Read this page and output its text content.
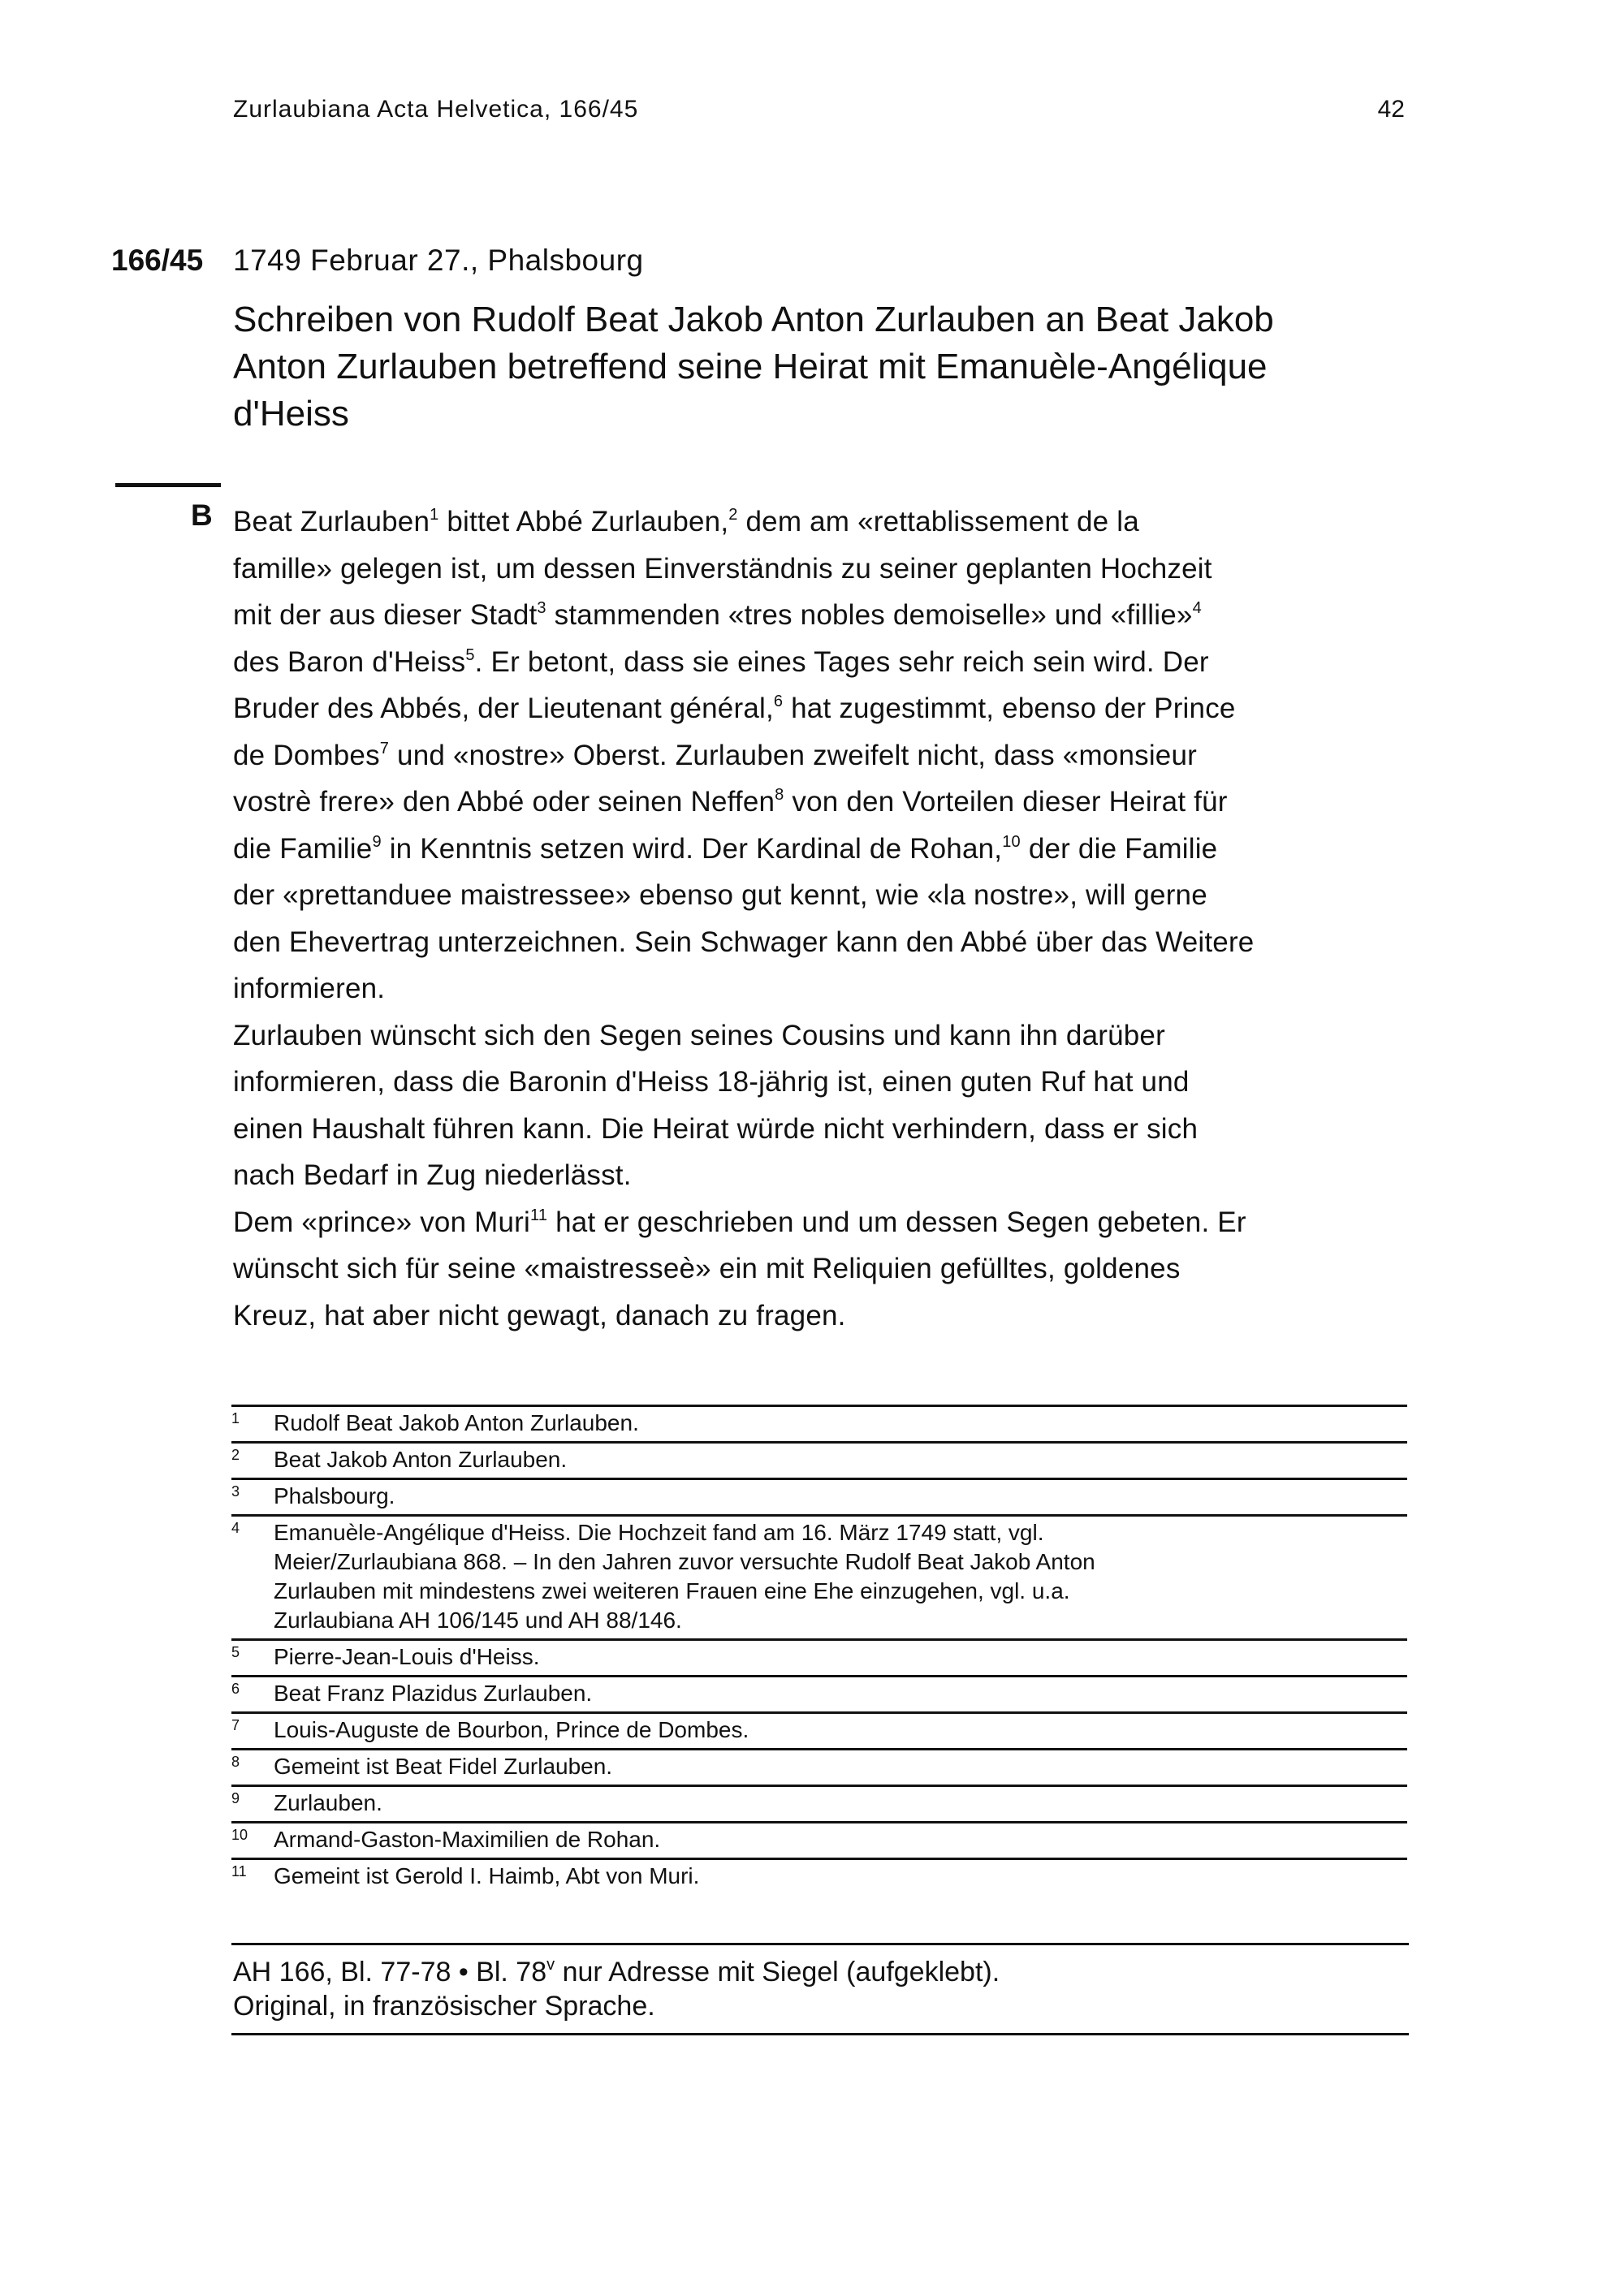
Zurlaubiana Acta Helvetica, 166/45	42
166/45 1749 Februar 27., Phalsbourg
Schreiben von Rudolf Beat Jakob Anton Zurlauben an Beat Jakob
Anton Zurlauben betreffend seine Heirat mit Emanuèle-Angélique
d'Heiss
B Beat Zurlauben$^1$ bittet Abbé Zurlauben,$^2$ dem am «rettablissement de la
famille» gelegen ist, um dessen Einverständnis zu seiner geplanten Hochzeit
mit der aus dieser Stadt$^3$ stammenden «tres nobles demoiselle» und «fillie»$^4$
des Baron d'Heiss$^5$. Er betont, dass sie eines Tages sehr reich sein wird. Der
Bruder des Abbés, der Lieutenant général,$^6$ hat zugestimmt, ebenso der Prince
de Dombes$^7$ und «nostre» Oberst. Zurlauben zweifelt nicht, dass «monsieur
vostrè frere» den Abbé oder seinen Neffen$^8$ von den Vorteilen dieser Heirat für
die Familie$^9$ in Kenntnis setzen wird. Der Kardinal de Rohan,$^{10}$ der die Familie
der «prettanduee maistressee» ebenso gut kennt, wie «la nostre», will gerne
den Ehevertrag unterzeichnen. Sein Schwager kann den Abbé über das Weitere
informieren.
Zurlauben wünscht sich den Segen seines Cousins und kann ihn darüber
informieren, dass die Baronin d'Heiss 18-jährig ist, einen guten Ruf hat und
einen Haushalt führen kann. Die Heirat würde nicht verhindern, dass er sich
nach Bedarf in Zug niederlässt.
Dem «prince» von Muri$^{11}$ hat er geschrieben und um dessen Segen gebeten. Er
wünscht sich für seine «maistresseè» ein mit Reliquien gefülltes, goldenes
Kreuz, hat aber nicht gewagt, danach zu fragen.
1	Rudolf Beat Jakob Anton Zurlauben.
2	Beat Jakob Anton Zurlauben.
3	Phalsbourg.
4	Emanuèle-Angélique d'Heiss. Die Hochzeit fand am 16. März 1749 statt, vgl.
Meier/Zurlaubiana 868. – In den Jahren zuvor versuchte Rudolf Beat Jakob Anton
Zurlauben mit mindestens zwei weiteren Frauen eine Ehe einzugehen, vgl. u.a.
Zurlaubiana AH 106/145 und AH 88/146.
5	Pierre-Jean-Louis d'Heiss.
6	Beat Franz Plazidus Zurlauben.
7	Louis-Auguste de Bourbon, Prince de Dombes.
8	Gemeint ist Beat Fidel Zurlauben.
9	Zurlauben.
10	Armand-Gaston-Maximilien de Rohan.
11	Gemeint ist Gerold I. Haimb, Abt von Muri.
AH 166, Bl. 77-78 • Bl. 78$^v$ nur Adresse mit Siegel (aufgeklebt).
Original, in französischer Sprache.
